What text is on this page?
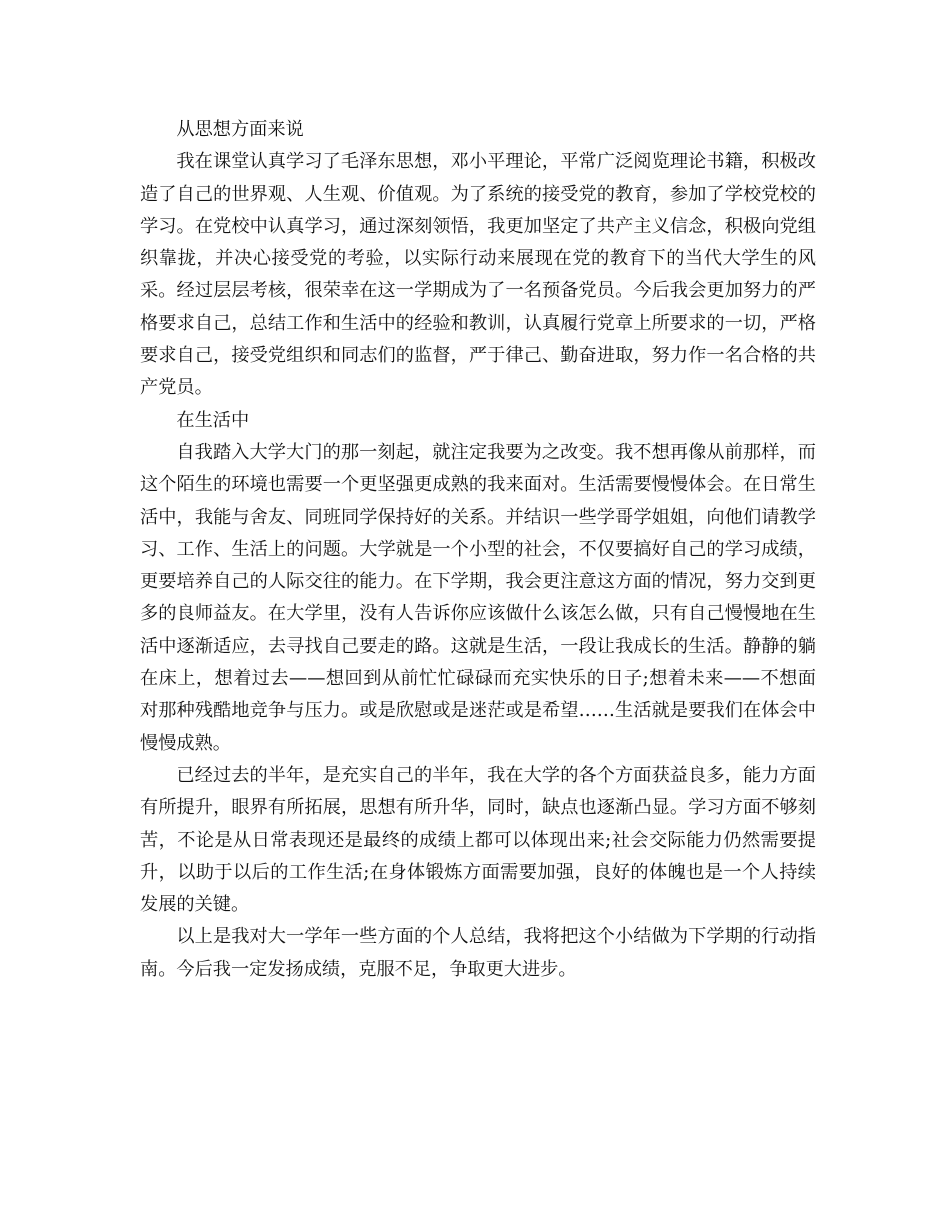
从思想方面来说

我在课堂认真学习了毛泽东思想，邓小平理论，平常广泛阅览理论书籍，积极改造了自己的世界观、人生观、价值观。为了系统的接受党的教育，参加了学校党校的学习。在党校中认真学习，通过深刻领悟，我更加坚定了共产主义信念，积极向党组织靠拢，并决心接受党的考验，以实际行动来展现在党的教育下的当代大学生的风采。经过层层考核，很荣幸在这一学期成为了一名预备党员。今后我会更加努力的严格要求自己，总结工作和生活中的经验和教训，认真履行党章上所要求的一切，严格要求自己，接受党组织和同志们的监督，严于律己、勤奋进取，努力作一名合格的共产党员。

在生活中

自我踏入大学大门的那一刻起，就注定我要为之改变。我不想再像从前那样，而这个陌生的环境也需要一个更坚强更成熟的我来面对。生活需要慢慢体会。在日常生活中，我能与舍友、同班同学保持好的关系。并结识一些学哥学姐姐，向他们请教学习、工作、生活上的问题。大学就是一个小型的社会，不仅要搞好自己的学习成绩，更要培养自己的人际交往的能力。在下学期，我会更注意这方面的情况，努力交到更多的良师益友。在大学里，没有人告诉你应该做什么该怎么做，只有自己慢慢地在生活中逐渐适应，去寻找自己要走的路。这就是生活，一段让我成长的生活。静静的躺在床上，想着过去——想回到从前忙忙碌碌而充实快乐的日子;想着未来——不想面对那种残酷地竞争与压力。或是欣慰或是迷茫或是希望……生活就是要我们在体会中慢慢成熟。

已经过去的半年，是充实自己的半年，我在大学的各个方面获益良多，能力方面有所提升，眼界有所拓展，思想有所升华，同时，缺点也逐渐凸显。学习方面不够刻苦，不论是从日常表现还是最终的成绩上都可以体现出来;社会交际能力仍然需要提升，以助于以后的工作生活;在身体锻炼方面需要加强，良好的体魄也是一个人持续发展的关键。

以上是我对大一学年一些方面的个人总结，我将把这个小结做为下学期的行动指南。今后我一定发扬成绩，克服不足，争取更大进步。
